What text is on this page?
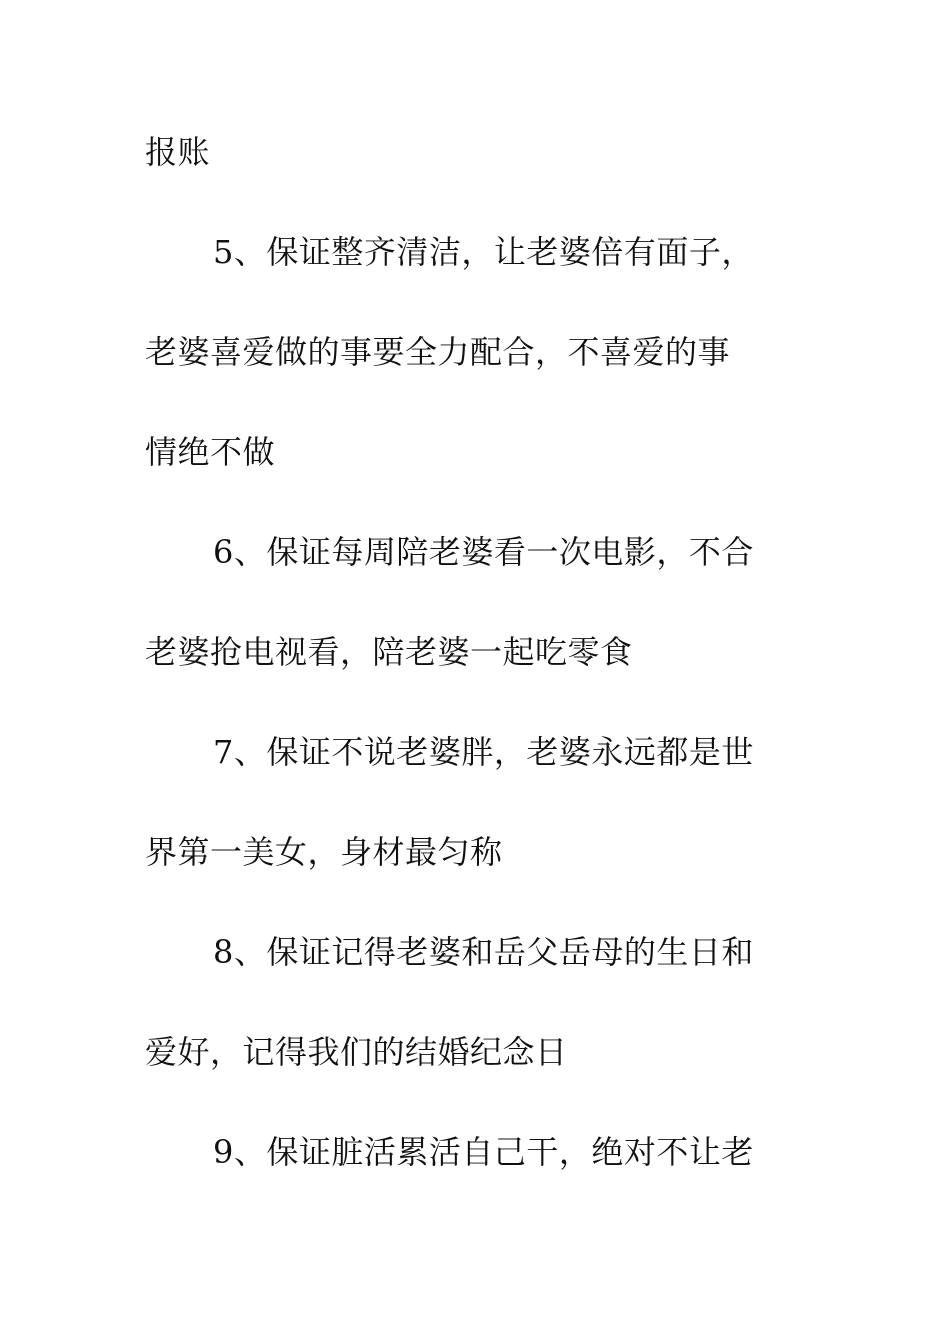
报账
5、保证整齐清洁，让老婆倍有面子，
老婆喜爱做的事要全力配合，不喜爱的事
情绝不做
6、保证每周陪老婆看一次电影，不合
老婆抢电视看，陪老婆一起吃零食
7、保证不说老婆胖，老婆永远都是世
界第一美女，身材最匀称
8、保证记得老婆和岳父岳母的生日和
爱好，记得我们的结婚纪念日
9、保证脏活累活自己干，绝对不让老
